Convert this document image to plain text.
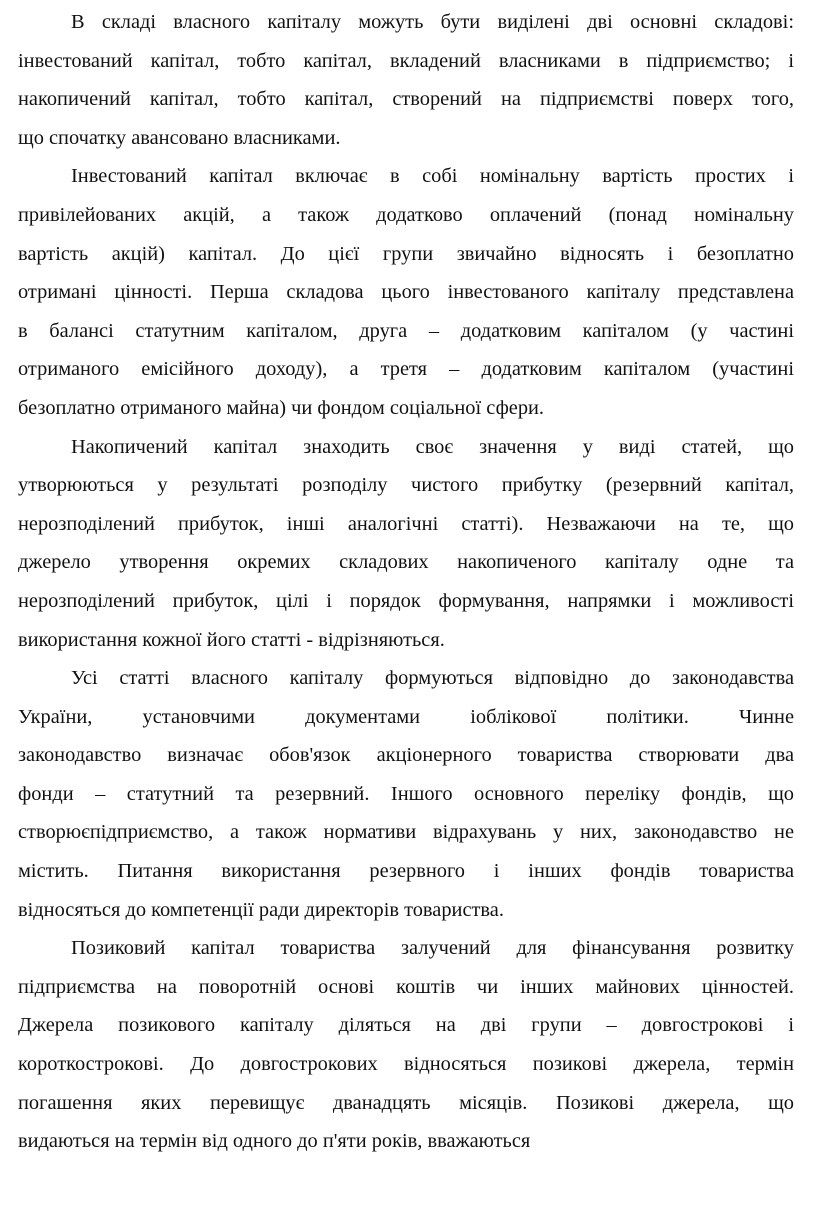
В складі власного капіталу можуть бути виділені дві основні складові:
інвестований капітал, тобто капітал, вкладений власниками в підприємство; і
накопичений капітал, тобто капітал, створений на підприємстві поверх того,
що спочатку авансовано власниками.

Інвестований капітал включає в собі номінальну вартість простих і
привілейованих акцій, а також додатково оплачений (понад номінальну
вартість акцій) капітал. До цієї групи звичайно відносять і безоплатно
отримані цінності. Перша складова цього інвестованого капіталу представлена
в балансі статутним капіталом, друга – додатковим капіталом (у частині
отриманого емісійного доходу), а третя – додатковим капіталом (участині
безоплатно отриманого майна) чи фондом соціальної сфери.

Накопичений капітал знаходить своє значення у виді статей, що
утворюються у результаті розподілу чистого прибутку (резервний капітал,
нерозподілений прибуток, інші аналогічні статті). Незважаючи на те, що
джерело утворення окремих складових накопиченого капіталу одне та
нерозподілений прибуток, цілі і порядок формування, напрямки і можливості
використання кожної його статті - відрізняються.

Усі статті власного капіталу формуються відповідно до законодавства
України, установчими документами іоблікової політики. Чинне
законодавство визначає обов'язок акціонерного товариства створювати два
фонди – статутний та резервний. Іншого основного переліку фондів, що
створюєпідприємство, а також нормативи відрахувань у них, законодавство не
містить. Питання використання резервного і інших фондів товариства
відносяться до компетенції ради директорів товариства.

Позиковий капітал товариства залучений для фінансування розвитку
підприємства на поворотній основі коштів чи інших майнових цінностей.
Джерела позикового капіталу діляться на дві групи – довгострокові і
короткострокові. До довгострокових відносяться позикові джерела, термін
погашення яких перевищує дванадцять місяців. Позикові джерела, що
видаються на термін від одного до п'яти років, вважаються
